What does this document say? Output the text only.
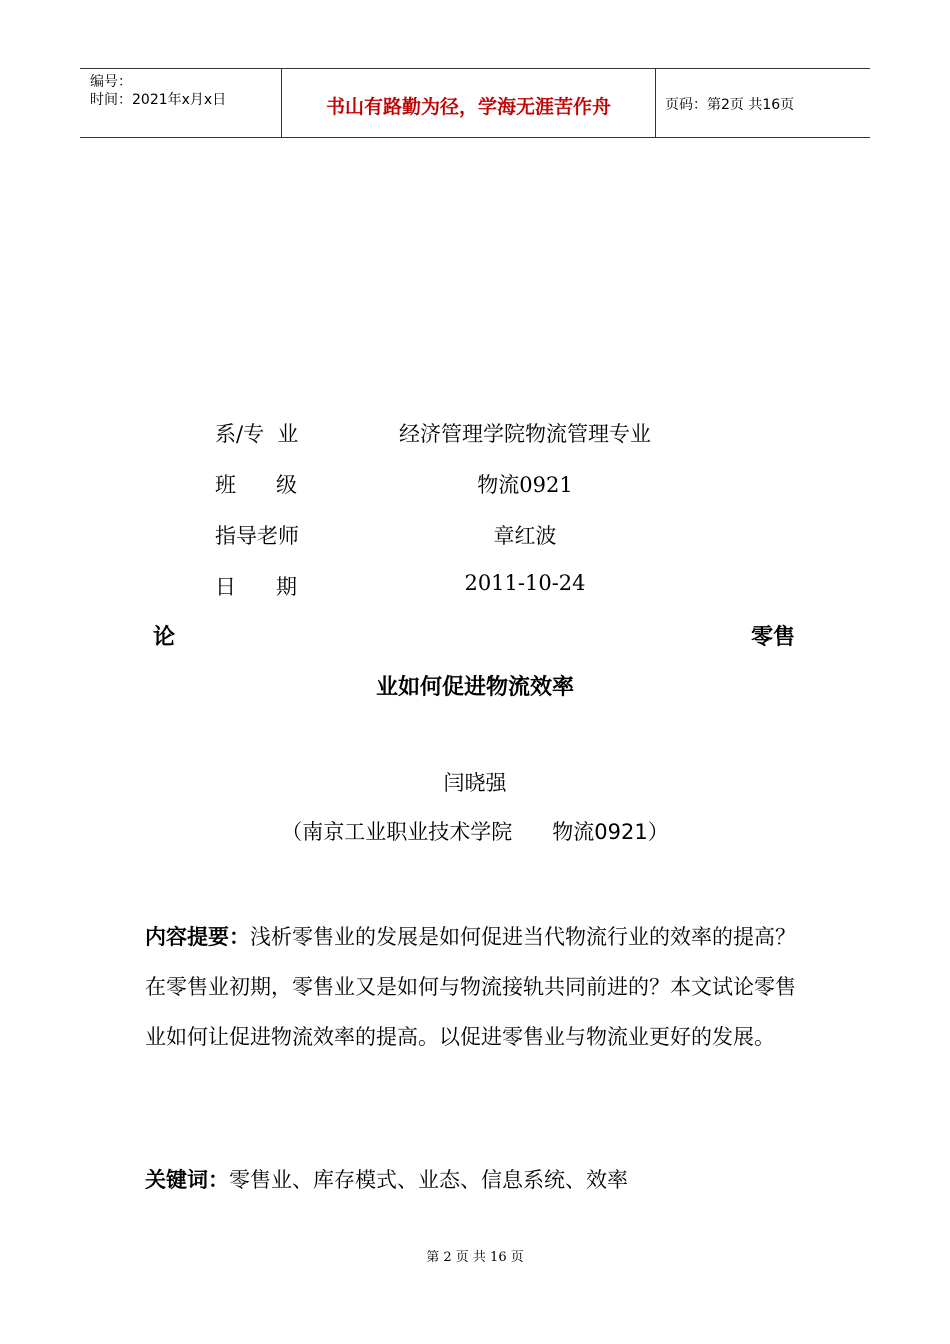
编号：
时间：2021年x月x日	书山有路勤为径，学海无涯苦作舟	页码：第2页 共16页
系/专  业	经济管理学院物流管理专业
班      级	物流0921
指导老师	章红波
日      期	2011-10-24
论	零售
业如何促进物流效率
闫晓强
（南京工业职业技术学院      物流0921）
内容提要：浅析零售业的发展是如何促进当代物流行业的效率的提高？在零售业初期，零售业又是如何与物流接轨共同前进的？本文试论零售业如何让促进物流效率的提高。以促进零售业与物流业更好的发展。
关键词：零售业、库存模式、业态、信息系统、效率
第 2 页 共 16 页
